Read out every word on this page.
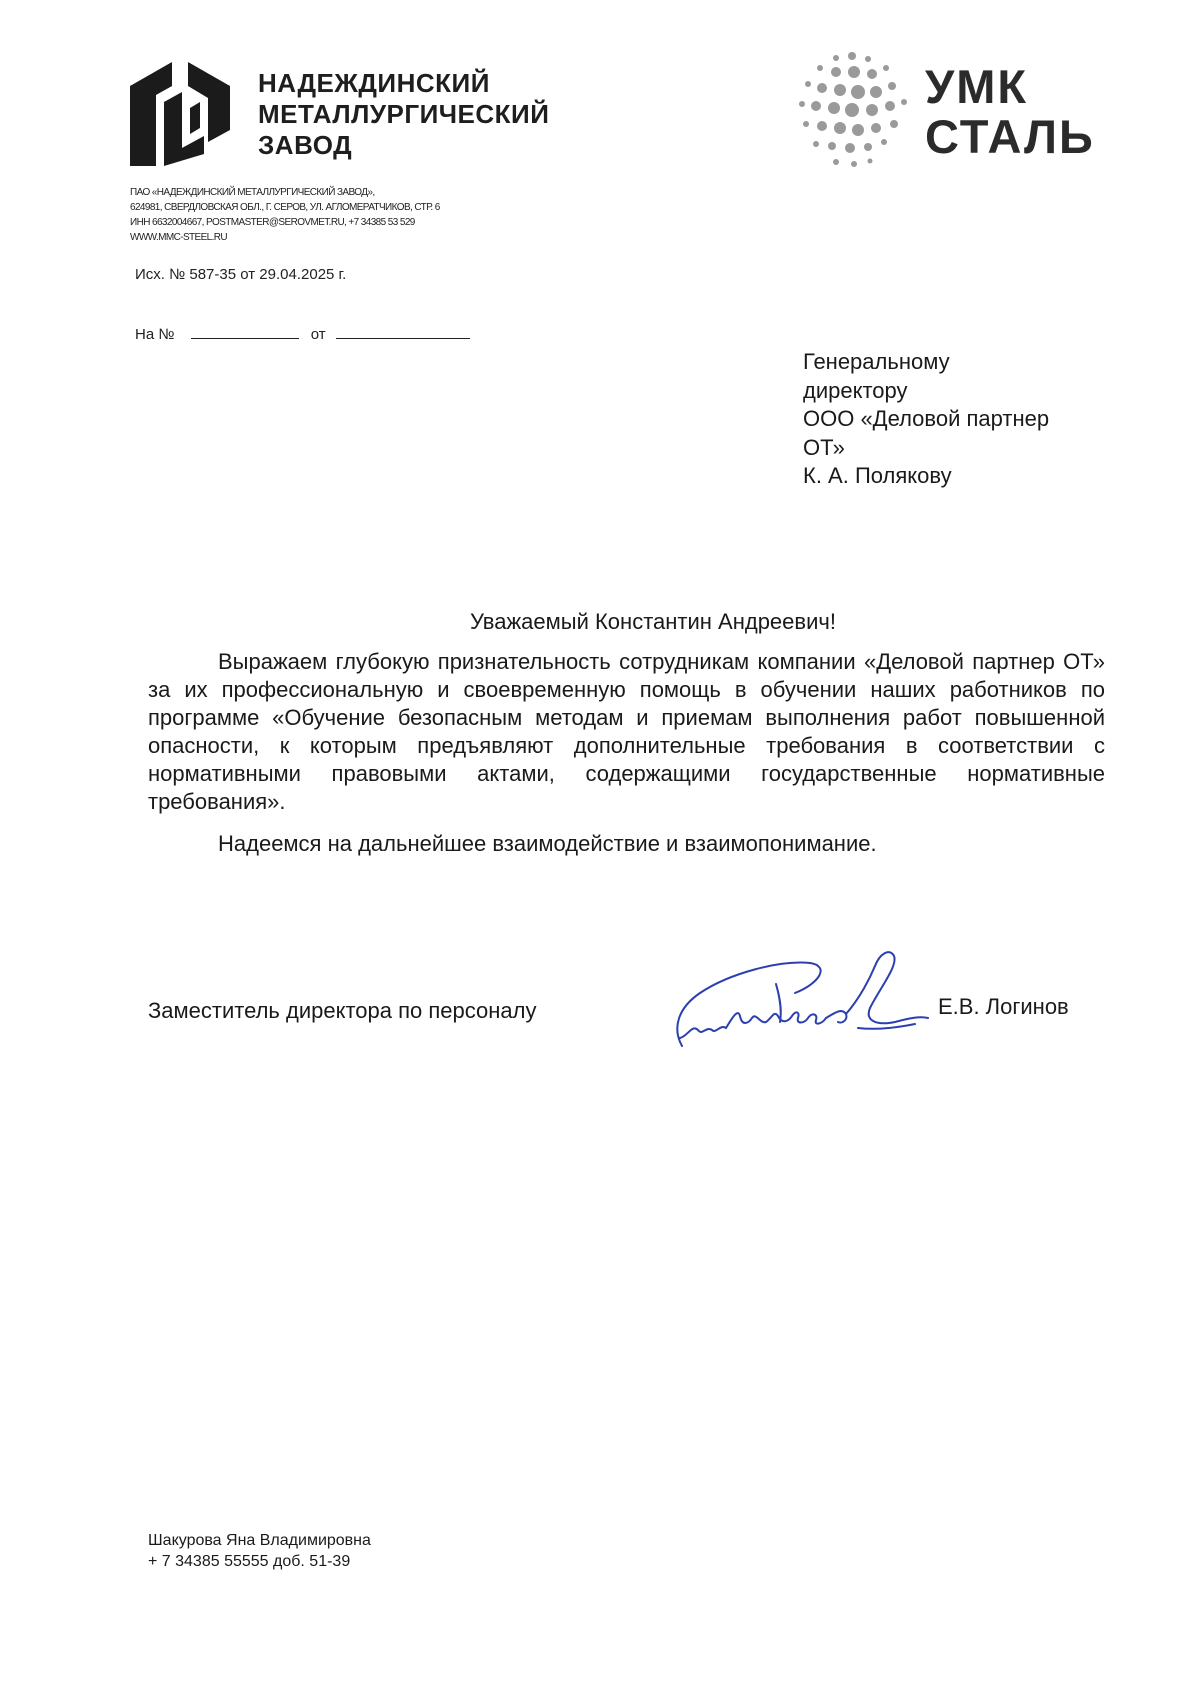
НАДЕЖДИНСКИЙ
МЕТАЛЛУРГИЧЕСКИЙ
ЗАВОД
ПАО «НАДЕЖДИНСКИЙ МЕТАЛЛУРГИЧЕСКИЙ ЗАВОД»,
624981, СВЕРДЛОВСКАЯ ОБЛ., Г. СЕРОВ, УЛ. АГЛОМЕРАТЧИКОВ, СТР. 6
ИНН 6632004667, POSTMASTER@SEROVMET.RU, +7 34385 53 529
WWW.MMC-STEEL.RU
УМК
СТАЛЬ
Исх. № 587-35 от 29.04.2025 г.
На №	от
Генеральному
директору
ООО «Деловой партнер
ОТ»
К. А. Полякову
Уважаемый Константин Андреевич!

Выражаем глубокую признательность сотрудникам компании «Деловой партнер ОТ» за их профессиональную и своевременную помощь в обучении наших работников по программе «Обучение безопасным методам и приемам выполнения работ повышенной опасности, к которым предъявляют дополнительные требования в соответствии с нормативными правовыми актами, содержащими государственные нормативные требования».

Надеемся на дальнейшее взаимодействие и взаимопонимание.
Заместитель директора по персоналу	Е.В. Логинов
Шакурова Яна Владимировна
+ 7 34385 55555 доб. 51-39
